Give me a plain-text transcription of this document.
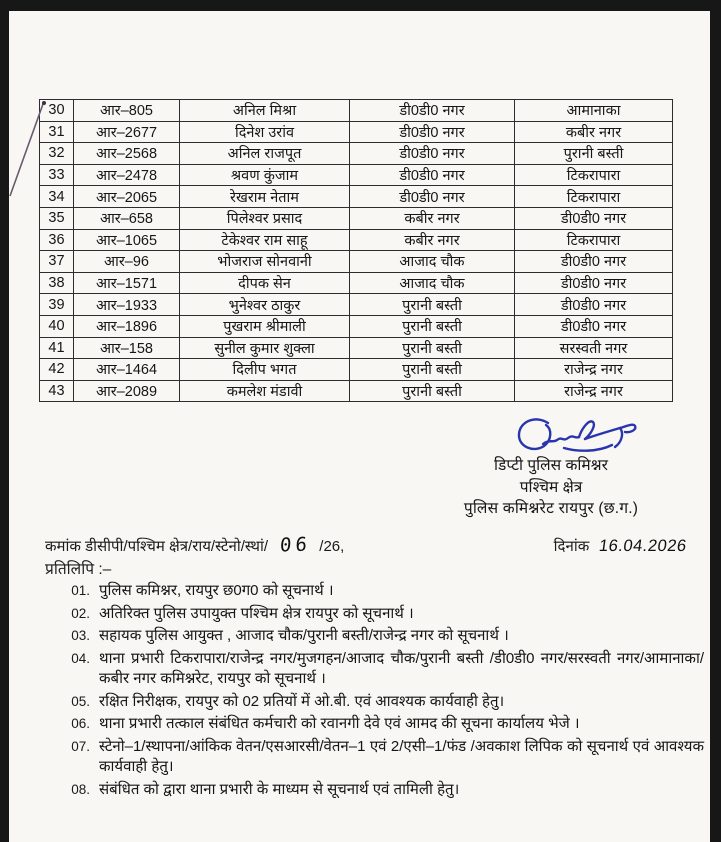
30	आर–805	अनिल मिश्रा	डी0डी0 नगर	आमानाका
31	आर–2677	दिनेश उरांव	डी0डी0 नगर	कबीर नगर
32	आर–2568	अनिल राजपूत	डी0डी0 नगर	पुरानी बस्ती
33	आर–2478	श्रवण कुंजाम	डी0डी0 नगर	टिकरापारा
34	आर–2065	रेखराम नेताम	डी0डी0 नगर	टिकरापारा
35	आर–658	पिलेश्वर प्रसाद	कबीर नगर	डी0डी0 नगर
36	आर–1065	टेकेश्वर राम साहू	कबीर नगर	टिकरापारा
37	आर–96	भोजराज सोनवानी	आजाद चौक	डी0डी0 नगर
38	आर–1571	दीपक सेन	आजाद चौक	डी0डी0 नगर
39	आर–1933	भुनेश्वर ठाकुर	पुरानी बस्ती	डी0डी0 नगर
40	आर–1896	पुखराम श्रीमाली	पुरानी बस्ती	डी0डी0 नगर
41	आर–158	सुनील कुमार शुक्ला	पुरानी बस्ती	सरस्वती नगर
42	आर–1464	दिलीप भगत	पुरानी बस्ती	राजेन्द्र नगर
43	आर–2089	कमलेश मंडावी	पुरानी बस्ती	राजेन्द्र नगर
डिप्टी पुलिस कमिश्नर
पश्चिम क्षेत्र
पुलिस कमिश्नरेट रायपुर (छ.ग.)
कमांक डीसीपी/पश्चिम क्षेत्र/राय/स्टेनो/स्थां/ 06 /26,	दिनांक 16.04.2026
प्रतिलिपि :–
01. पुलिस कमिश्नर, रायपुर छ0ग0 को सूचनार्थ ।
02. अतिरिक्त पुलिस उपायुक्त पश्चिम क्षेत्र रायपुर को सूचनार्थ ।
03. सहायक पुलिस आयुक्त , आजाद चौक/पुरानी बस्ती/राजेन्द्र नगर को सूचनार्थ ।
04. थाना प्रभारी टिकरापारा/राजेन्द्र नगर/मुजगहन/आजाद चौक/पुरानी बस्ती /डी0डी0 नगर/सरस्वती नगर/आमानाका/कबीर नगर कमिश्नरेट, रायपुर को सूचनार्थ ।
05. रक्षित निरीक्षक, रायपुर को 02 प्रतियों में ओ.बी. एवं आवश्यक कार्यवाही हेतु।
06. थाना प्रभारी तत्काल संबंधित कर्मचारी को रवानगी देवे एवं आमद की सूचना कार्यालय भेजे ।
07. स्टेनो–1/स्थापना/आंकिक वेतन/एसआरसी/वेतन–1 एवं 2/एसी–1/फंड /अवकाश लिपिक को सूचनार्थ एवं आवश्यक कार्यवाही हेतु।
08. संबंधित को द्वारा थाना प्रभारी के माध्यम से सूचनार्थ एवं तामिली हेतु।
